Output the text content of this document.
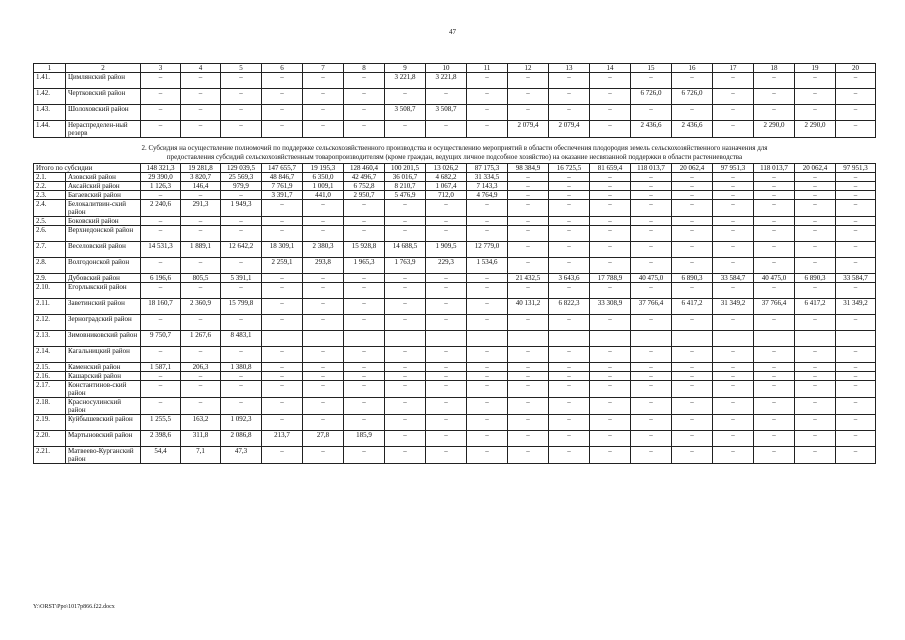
47
1	2	3	4	5	6	7	8	9	10	11	12	13	14	15	16	17	18	19	20
1.41.	Цимлянский район	–	–	–	–	–	–	3 221,8	3 221,8	–	–	–	–	–	–	–	–	–	–
1.42.	Чертковский район	–	–	–	–	–	–	–	–	–	–	–	–	6 726,0	6 726,0	–	–	–	–
1.43.	Шолоховский район	–	–	–	–	–	–	3 508,7	3 508,7	–	–	–	–	–	–	–	–	–	–
1.44.	Нераспределен-ный резерв	–	–	–	–	–	–	–	–	–	2 079,4	2 079,4	–	2 436,6	2 436,6	–	2 290,0	2 290,0	–
2. Субсидия на осуществление полномочий по поддержке сельскохозяйственного производства и осуществлению мероприятий в области обеспечения плодородия земель сельскохозяйственного назначения для предоставления субсидий сельскохозяйственным товаропроизводителям (кроме граждан, ведущих личное подсобное хозяйство) на оказание несвязанной поддержки в области растениеводства																			
Итого по субсидии		148 321,3	19 281,8	129 039,5	147 655,7	19 195,3	128 460,4	100 201,5	13 026,2	87 175,3	98 384,9	16 725,5	81 659,4	118 013,7	20 062,4	97 951,3	118 013,7	20 062,4	97 951,3
2.1.	Азовский район	29 390,0	3 820,7	25 569,3	48 846,7	6 350,0	42 496,7	36 016,7	4 682,2	31 334,5	–	–	–	–	–	–	–	–	–
2.2.	Аксайский район	1 126,3	146,4	979,9	7 761,9	1 009,1	6 752,8	8 210,7	1 067,4	7 143,3	–	–	–	–	–	–	–	–	–
2.3.	Багаевский район	–	–	–	3 391,7	441,0	2 950,7	5 476,9	712,0	4 764,9	–	–	–	–	–	–	–	–	–
2.4.	Белокалитвин-ский район	2 240,6	291,3	1 949,3	–	–	–	–	–	–	–	–	–	–	–	–	–	–	–
2.5.	Боковский район	–	–	–	–	–	–	–	–	–	–	–	–	–	–	–	–	–	–
2.6.	Верхнедонской район	–	–	–	–	–	–	–	–	–	–	–	–	–	–	–	–	–	–
2.7.	Веселовский район	14 531,3	1 889,1	12 642,2	18 309,1	2 380,3	15 928,8	14 688,5	1 909,5	12 779,0	–	–	–	–	–	–	–	–	–
2.8.	Волгодонской район	–	–	–	2 259,1	293,8	1 965,3	1 763,9	229,3	1 534,6	–	–	–	–	–	–	–	–	–
2.9.	Дубовский район	6 196,6	805,5	5 391,1	–	–	–	–	–	–	21 432,5	3 643,6	17 788,9	40 475,0	6 890,3	33 584,7	40 475,0	6 890,3	33 584,7
2.10.	Егорлыкский район	–	–	–	–	–	–	–	–	–	–	–	–	–	–	–	–	–	–
2.11.	Заветинский район	18 160,7	2 360,9	15 799,8	–	–	–	–	–	–	40 131,2	6 822,3	33 308,9	37 766,4	6 417,2	31 349,2	37 766,4	6 417,2	31 349,2
2.12.	Зерноградский район	–	–	–	–	–	–	–	–	–	–	–	–	–	–	–	–	–	–
2.13.	Зимовниковский район	9 750,7	1 267,6	8 483,1															
2.14.	Кагальницкий район	–	–	–	–	–	–	–	–	–	–	–	–	–	–	–	–	–	–
2.15.	Каменский район	1 587,1	206,3	1 380,8	–	–	–	–	–	–	–	–	–	–	–	–	–	–	–
2.16.	Кашарский район	–	–	–	–	–	–	–	–	–	–	–	–	–	–	–	–	–	–
2.17.	Константинов-ский район	–	–	–	–	–	–	–	–	–	–	–	–	–	–	–	–	–	–
2.18.	Красносулинский район	–	–	–	–	–	–	–	–	–	–	–	–	–	–	–	–	–	–
2.19.	Куйбышевский район	1 255,5	163,2	1 092,3	–	–	–	–	–	–	–	–	–	–	–	–	–	–	–
2.20.	Мартыновский район	2 398,6	311,8	2 086,8	213,7	27,8	185,9	–	–	–	–	–	–	–	–	–	–	–	–
2.21.	Матвеево-Курганский район	54,4	7,1	47,3	–	–	–	–	–	–	–	–	–	–	–	–	–	–	–
Y:\ORST\Ppo\1017p866.f22.docx
